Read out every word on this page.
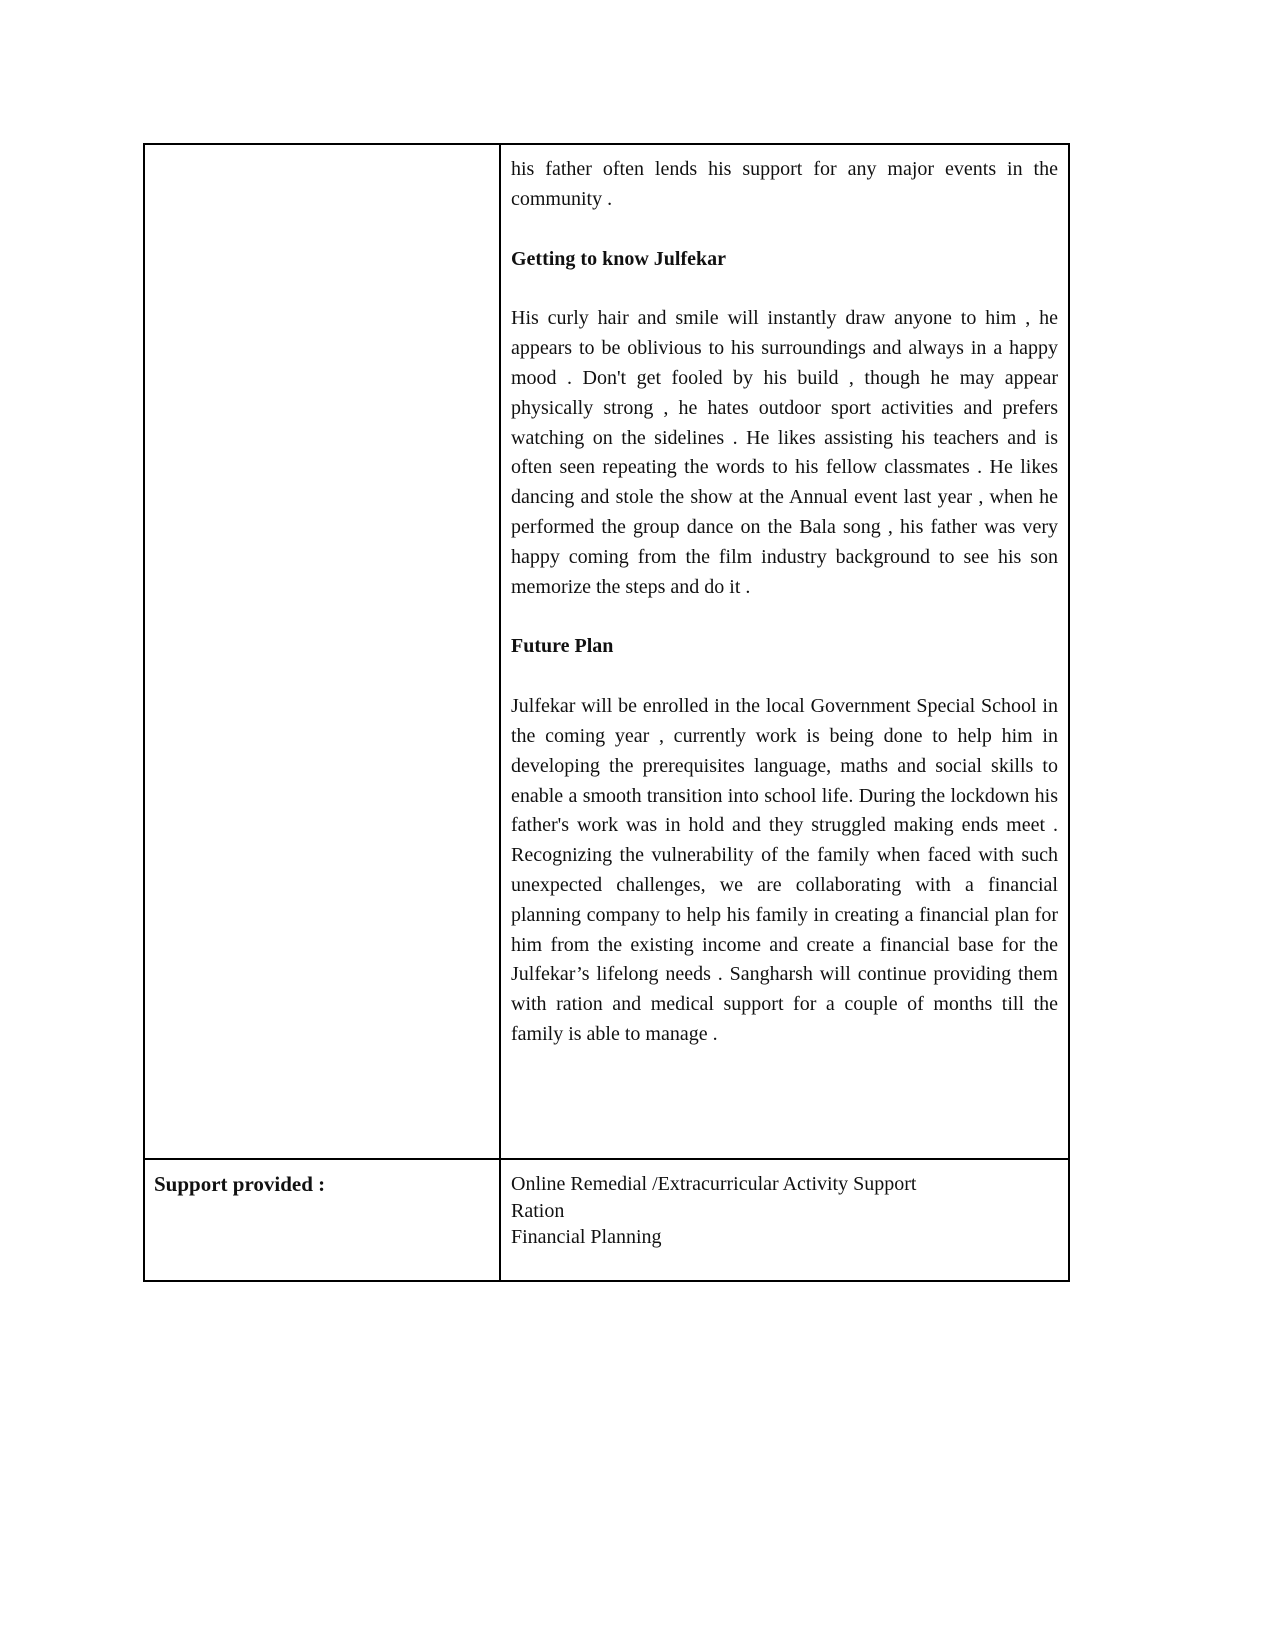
	his father often lends his support for any major events in the community .

Getting to know Julfekar

His curly hair and smile will instantly draw anyone to him , he appears to be oblivious to his surroundings and always in a happy mood . Don't get fooled by his build , though he may appear physically strong , he hates outdoor sport activities and prefers watching on the sidelines . He likes assisting his teachers and is often seen repeating the words to his fellow classmates . He likes dancing and stole the show at the Annual event last year , when he performed the group dance on the Bala song , his father was very happy coming from the film industry background to see his son memorize the steps and do it .

Future Plan

Julfekar will be enrolled in the local Government Special School in the coming year , currently work is being done to help him in developing the prerequisites language, maths and social skills to enable a smooth transition into school life. During the lockdown his father's work was in hold and they struggled making ends meet . Recognizing the vulnerability of the family when faced with such unexpected challenges, we are collaborating with a financial planning company to help his family in creating a financial plan for him from the existing income and create a financial base for the Julfekar’s lifelong needs . Sangharsh will continue providing them with ration and medical support for a couple of months till the family is able to manage .

Support provided :	Online Remedial /Extracurricular Activity Support
Ration
Financial Planning
